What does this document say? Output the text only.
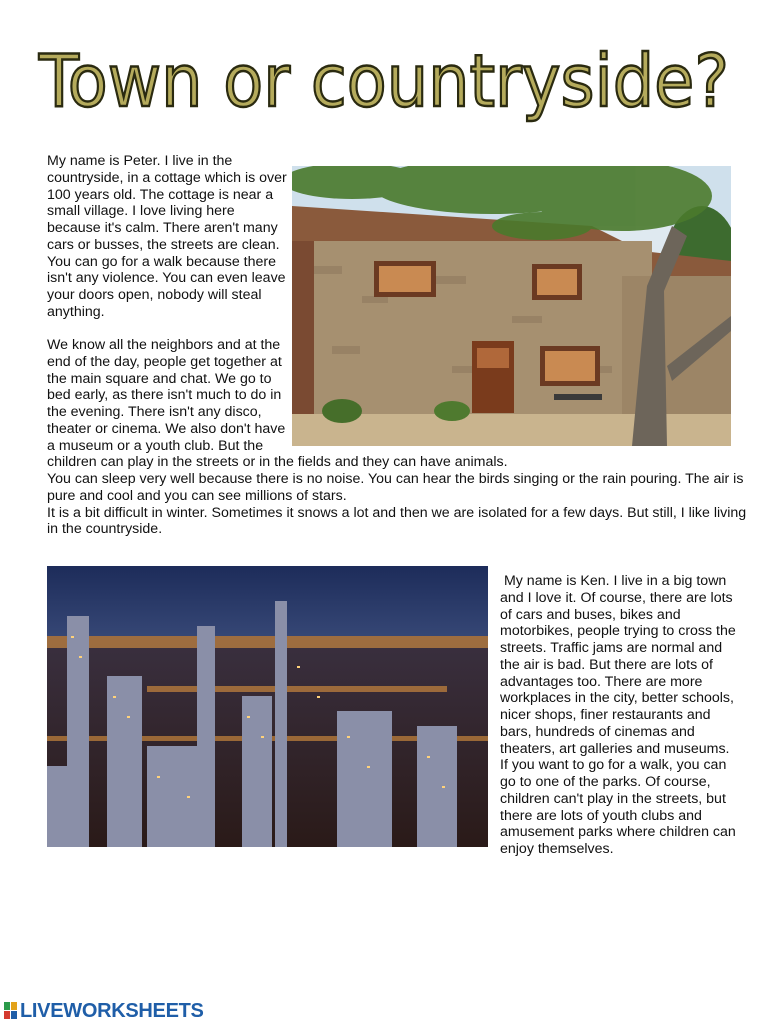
Town or countryside?

My name is Peter. I live in the countryside, in a cottage which is over 100 years old. The cottage is near a small village. I love living here because it's calm. There aren't many cars or busses, the streets are clean. You can go for a walk because there isn't any violence. You can even leave your doors open, nobody will steal anything.

We know all the neighbors and at the end of the day, people get together at the main square and chat. We go to bed early, as there isn't much to do in the evening. There isn't any disco, theater or cinema. We also don't have a museum or a youth club. But the children can play in the streets or in the fields and they can have animals.

You can sleep very well because there is no noise. You can hear the birds singing or the rain pouring. The air is pure and cool and you can see millions of stars.

It is a bit difficult in winter. Sometimes it snows a lot and then we are isolated for a few days. But still, I like living in the countryside.

My name is Ken. I live in a big town and I love it. Of course, there are lots of cars and buses, bikes and motorbikes, people trying to cross the streets. Traffic jams are normal and the air is bad. But there are lots of advantages too. There are more workplaces in the city, better schools, nicer shops, finer restaurants and bars, hundreds of cinemas and theaters, art galleries and museums. If you want to go for a walk, you can go to one of the parks. Of course, children can't play in the streets, but there are lots of youth clubs and amusement parks where children can enjoy themselves.

LIVEWORKSHEETS
